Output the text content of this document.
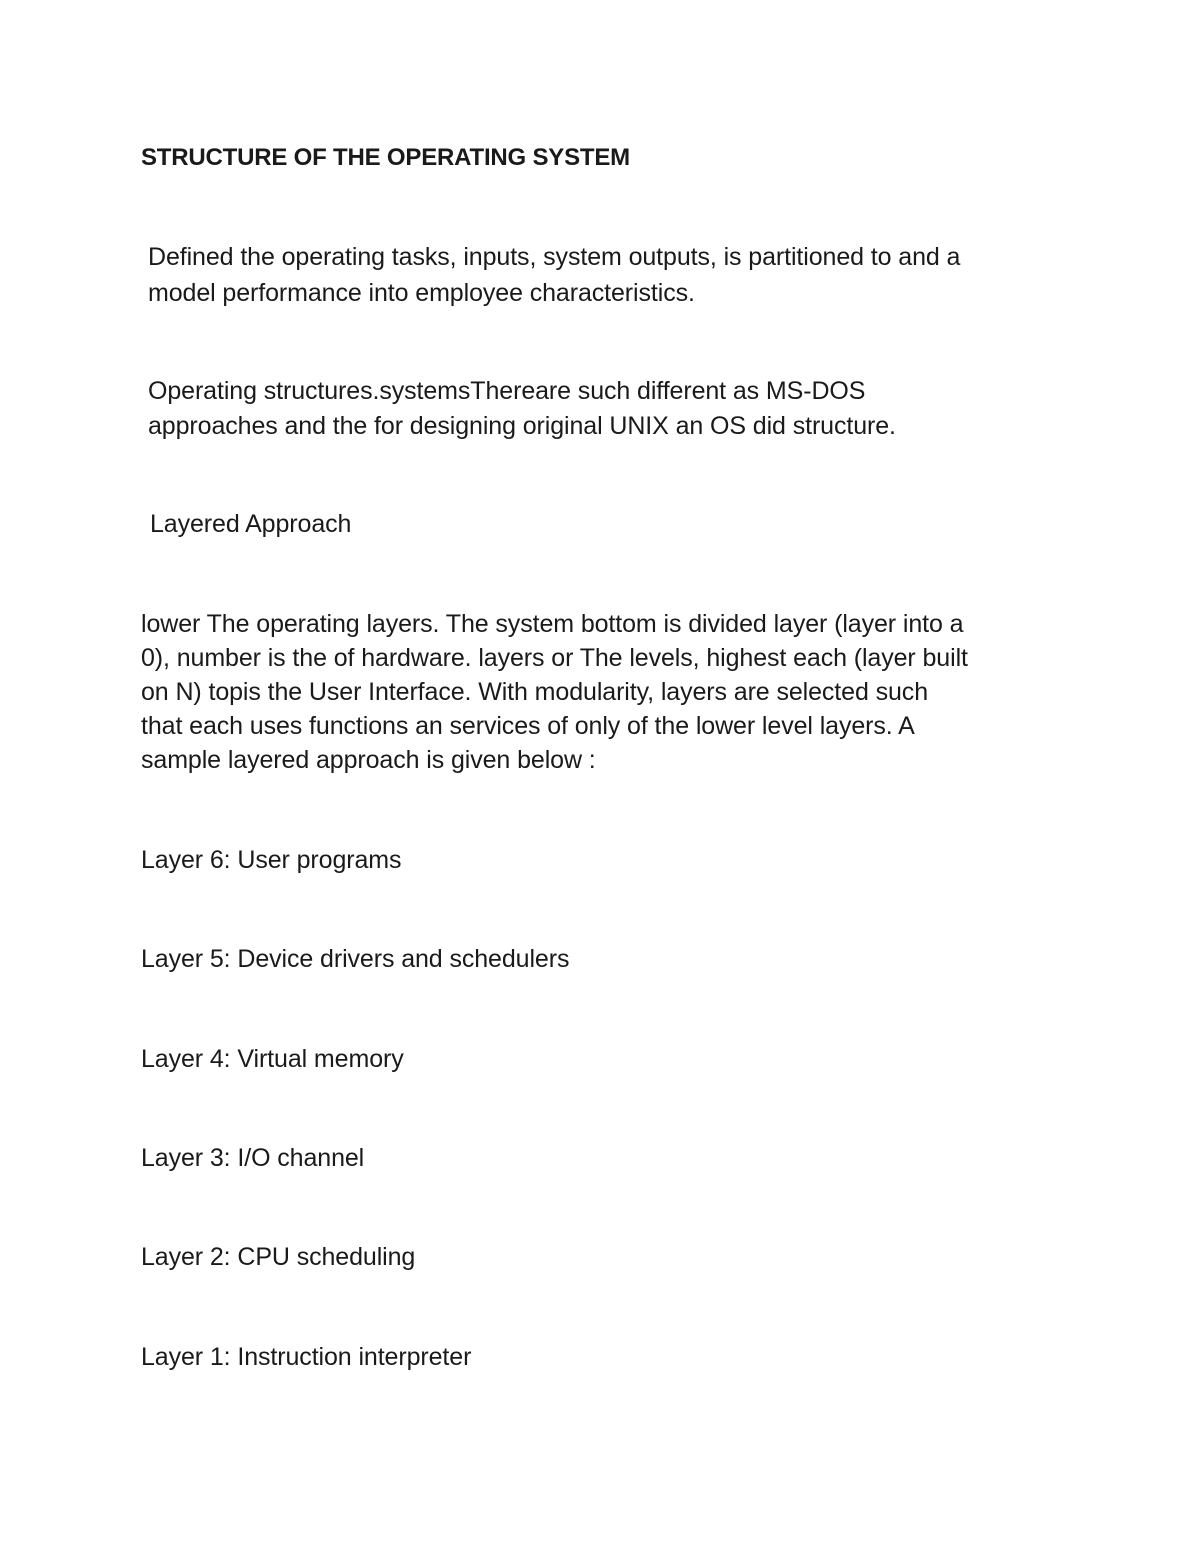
STRUCTURE OF THE OPERATING SYSTEM
Defined the operating tasks, inputs, system outputs, is partitioned to and a
model performance into employee characteristics.
Operating structures.systemsThereare such different as MS-DOS
approaches and the for designing original UNIX an OS did structure.
Layered Approach
lower The operating layers. The system bottom is divided layer (layer into a
0), number is the of hardware. layers or The levels, highest each (layer built
on N) topis the User Interface. With modularity, layers are selected such
that each uses functions an services of only of the lower level layers. A
sample layered approach is given below :
Layer 6: User programs
Layer 5: Device drivers and schedulers
Layer 4: Virtual memory
Layer 3: I/O channel
Layer 2: CPU scheduling
Layer 1: Instruction interpreter
